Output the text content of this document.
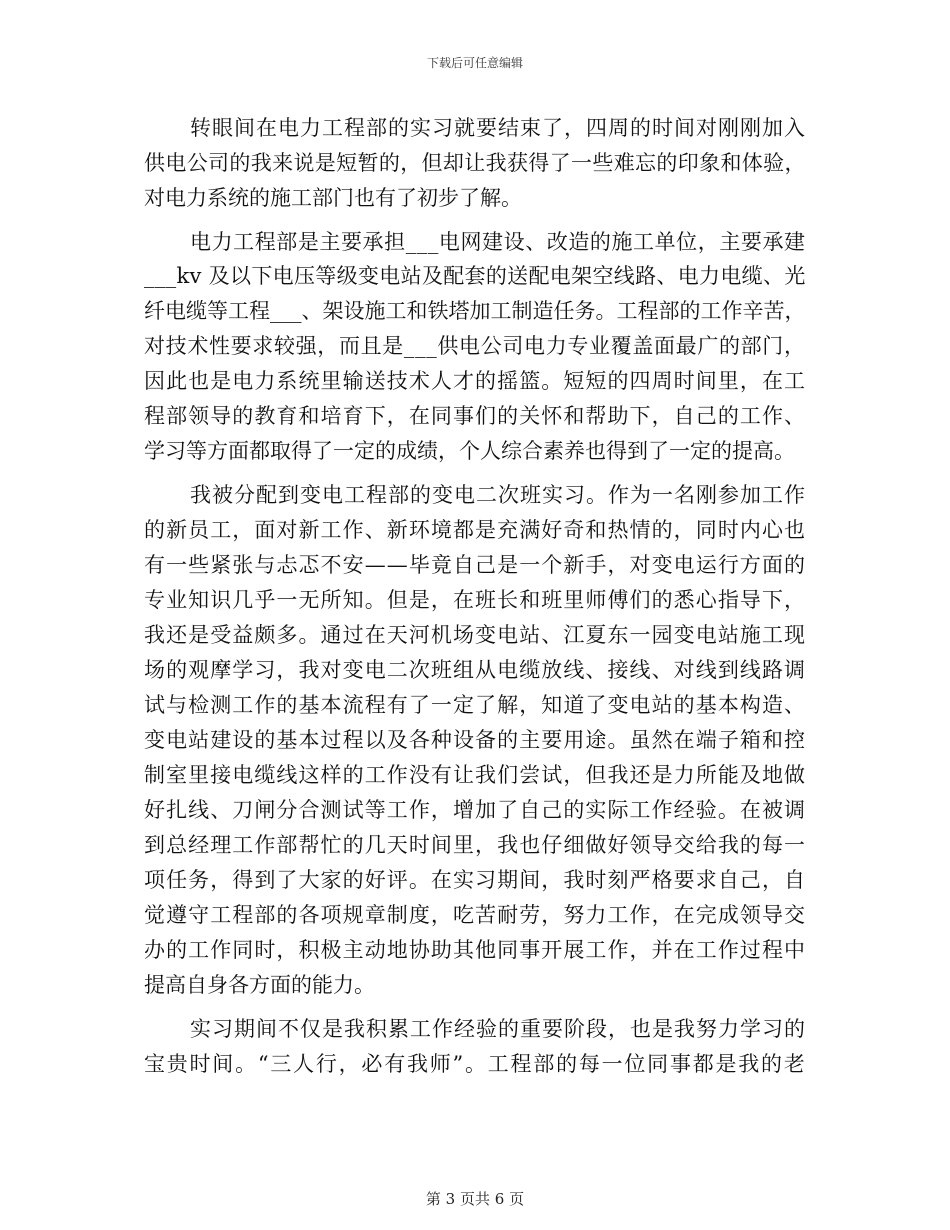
下载后可任意编辑
转眼间在电力工程部的实习就要结束了，四周的时间对刚刚加入
供电公司的我来说是短暂的，但却让我获得了一些难忘的印象和体验，
对电力系统的施工部门也有了初步了解。
电力工程部是主要承担___电网建设、改造的施工单位，主要承建
___kv 及以下电压等级变电站及配套的送配电架空线路、电力电缆、光
纤电缆等工程___、架设施工和铁塔加工制造任务。工程部的工作辛苦，
对技术性要求较强，而且是___供电公司电力专业覆盖面最广的部门，
因此也是电力系统里输送技术人才的摇篮。短短的四周时间里，在工
程部领导的教育和培育下，在同事们的关怀和帮助下，自己的工作、
学习等方面都取得了一定的成绩，个人综合素养也得到了一定的提高。
我被分配到变电工程部的变电二次班实习。作为一名刚参加工作
的新员工，面对新工作、新环境都是充满好奇和热情的，同时内心也
有一些紧张与忐忑不安——毕竟自己是一个新手，对变电运行方面的
专业知识几乎一无所知。但是，在班长和班里师傅们的悉心指导下，
我还是受益颇多。通过在天河机场变电站、江夏东一园变电站施工现
场的观摩学习，我对变电二次班组从电缆放线、接线、对线到线路调
试与检测工作的基本流程有了一定了解，知道了变电站的基本构造、
变电站建设的基本过程以及各种设备的主要用途。虽然在端子箱和控
制室里接电缆线这样的工作没有让我们尝试，但我还是力所能及地做
好扎线、刀闸分合测试等工作，增加了自己的实际工作经验。在被调
到总经理工作部帮忙的几天时间里，我也仔细做好领导交给我的每一
项任务，得到了大家的好评。在实习期间，我时刻严格要求自己，自
觉遵守工程部的各项规章制度，吃苦耐劳，努力工作，在完成领导交
办的工作同时，积极主动地协助其他同事开展工作，并在工作过程中
提高自身各方面的能力。
实习期间不仅是我积累工作经验的重要阶段，也是我努力学习的
宝贵时间。“三人行，必有我师”。工程部的每一位同事都是我的老
第 3 页共 6 页
